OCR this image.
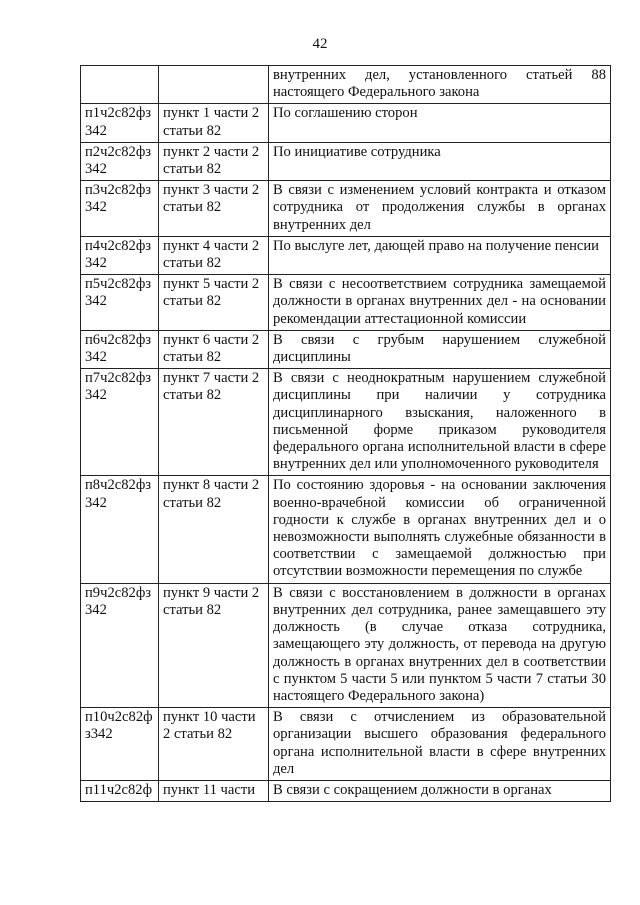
42
		внутренних дел, установленного статьей 88 настоящего Федерального закона
п1ч2с82фз 342	пункт 1 части 2 статьи 82	По соглашению сторон
п2ч2с82фз 342	пункт 2 части 2 статьи 82	По инициативе сотрудника
п3ч2с82фз 342	пункт 3 части 2 статьи 82	В связи с изменением условий контракта и отказом сотрудника от продолжения службы в органах внутренних дел
п4ч2с82фз 342	пункт 4 части 2 статьи 82	По выслуге лет, дающей право на получение пенсии
п5ч2с82фз 342	пункт 5 части 2 статьи 82	В связи с несоответствием сотрудника замещаемой должности в органах внутренних дел - на основании рекомендации аттестационной комиссии
п6ч2с82фз 342	пункт 6 части 2 статьи 82	В связи с грубым нарушением служебной дисциплины
п7ч2с82фз 342	пункт 7 части 2 статьи 82	В связи с неоднократным нарушением служебной дисциплины при наличии у сотрудника дисциплинарного взыскания, наложенного в письменной форме приказом руководителя федерального органа исполнительной власти в сфере внутренних дел или уполномоченного руководителя
п8ч2с82фз 342	пункт 8 части 2 статьи 82	По состоянию здоровья - на основании заключения военно-врачебной комиссии об ограниченной годности к службе в органах внутренних дел и о невозможности выполнять служебные обязанности в соответствии с замещаемой должностью при отсутствии возможности перемещения по службе
п9ч2с82фз 342	пункт 9 части 2 статьи 82	В связи с восстановлением в должности в органах внутренних дел сотрудника, ранее замещавшего эту должность (в случае отказа сотрудника, замещающего эту должность, от перевода на другую должность в органах внутренних дел в соответствии с пунктом 5 части 5 или пунктом 5 части 7 статьи 30 настоящего Федерального закона)
п10ч2с82ф з342	пункт 10 части 2 статьи 82	В связи с отчислением из образовательной организации высшего образования федерального органа исполнительной власти в сфере внутренних дел
п11ч2с82ф	пункт 11 части	В связи с сокращением должности в органах
